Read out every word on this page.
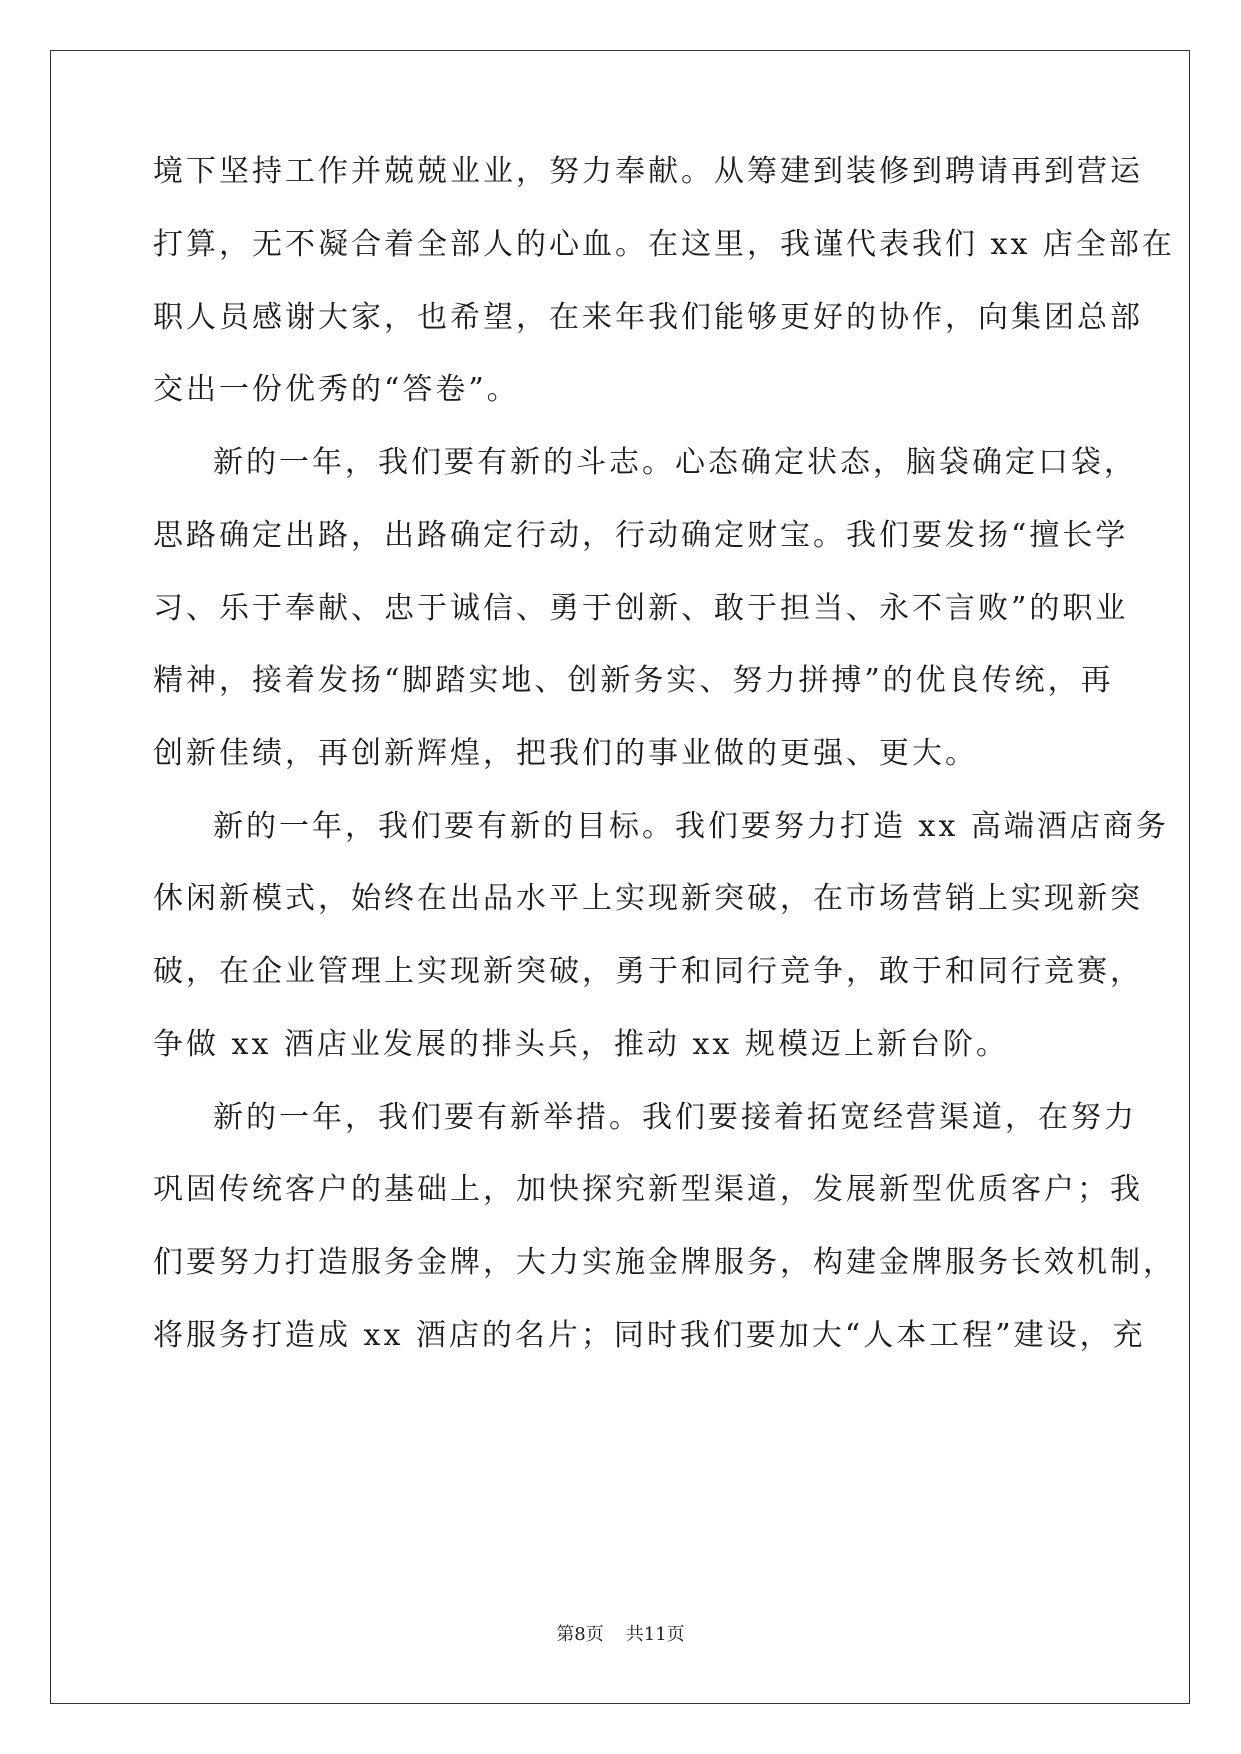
境下坚持工作并兢兢业业，努力奉献。从筹建到装修到聘请再到营运
打算，无不凝合着全部人的心血。在这里，我谨代表我们 xx 店全部在
职人员感谢大家，也希望，在来年我们能够更好的协作，向集团总部
交出一份优秀的“答卷”。
新的一年，我们要有新的斗志。心态确定状态，脑袋确定口袋，
思路确定出路，出路确定行动，行动确定财宝。我们要发扬“擅长学
习、乐于奉献、忠于诚信、勇于创新、敢于担当、永不言败”的职业
精神，接着发扬“脚踏实地、创新务实、努力拼搏”的优良传统，再
创新佳绩，再创新辉煌，把我们的事业做的更强、更大。
新的一年，我们要有新的目标。我们要努力打造 xx 高端酒店商务
休闲新模式，始终在出品水平上实现新突破，在市场营销上实现新突
破，在企业管理上实现新突破，勇于和同行竞争，敢于和同行竞赛，
争做 xx 酒店业发展的排头兵，推动 xx 规模迈上新台阶。
新的一年，我们要有新举措。我们要接着拓宽经营渠道，在努力
巩固传统客户的基础上，加快探究新型渠道，发展新型优质客户；我
们要努力打造服务金牌，大力实施金牌服务，构建金牌服务长效机制，
将服务打造成 xx 酒店的名片；同时我们要加大“人本工程”建设，充
第8页 共11页
